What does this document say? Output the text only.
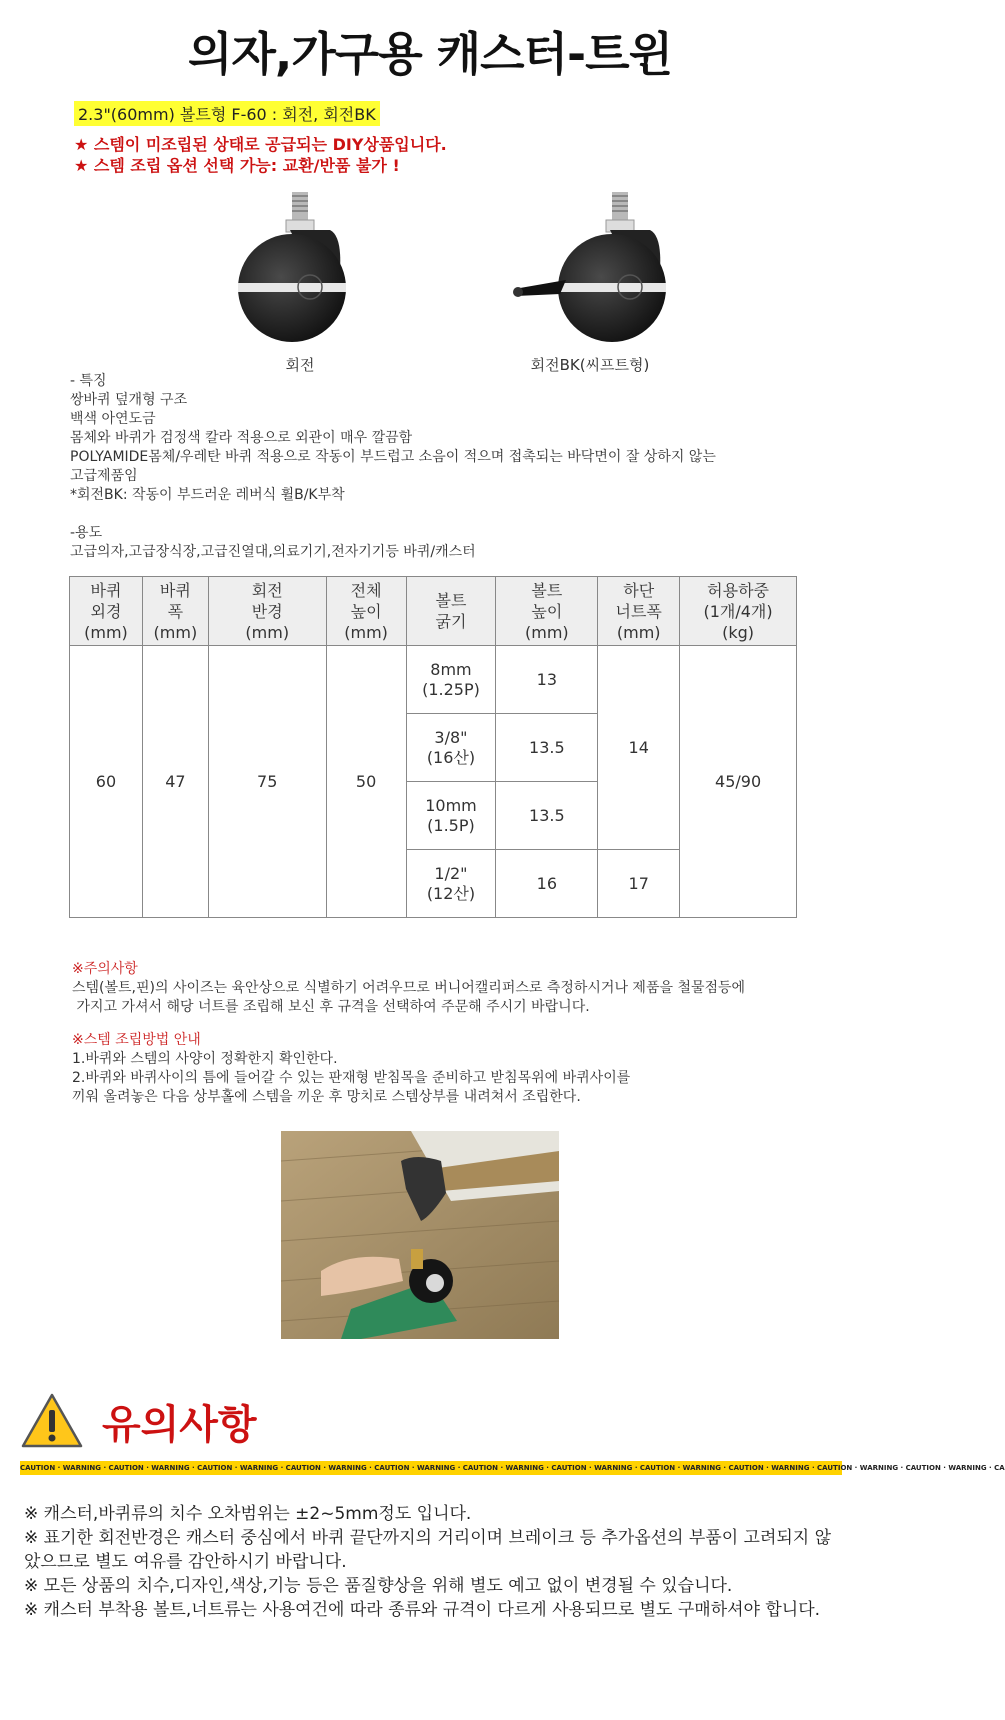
의자,가구용 캐스터-트윈
2.3"(60mm) 볼트형 F-60 : 회전, 회전BK
★ 스템이 미조립된 상태로 공급되는 DIY상품입니다.
★ 스템 조립 옵션 선택 가능: 교환/반품 불가 !
회전	회전BK(씨프트형)
- 특징
쌍바퀴 덮개형 구조
백색 아연도금
몸체와 바퀴가 검정색 칼라 적용으로 외관이 매우 깔끔함
POLYAMIDE몸체/우레탄 바퀴 적용으로 작동이 부드럽고 소음이 적으며 접촉되는 바닥면이 잘 상하지 않는
고급제품임
*회전BK: 작동이 부드러운 레버식 휠B/K부착
-용도
고급의자,고급장식장,고급진열대,의료기기,전자기기등 바퀴/캐스터
바퀴
외경
(mm)	바퀴
폭
(mm)	회전
반경
(mm)	전체
높이
(mm)	볼트
굵기	볼트
높이
(mm)	하단
너트폭
(mm)	허용하중
(1개/4개)
(kg)
60	47	75	50	8mm
(1.25P)	13	14	45/90
				3/8"
(16산)	13.5		
				10mm
(1.5P)	13.5		
				1/2"
(12산)	16	17	
※주의사항
스템(볼트,핀)의 사이즈는 육안상으로 식별하기 어려우므로 버니어캘리퍼스로 측정하시거나 제품을 철물점등에
가지고 가셔서 해당 너트를 조립해 보신 후 규격을 선택하여 주문해 주시기 바랍니다.
※스템 조립방법 안내
1.바퀴와 스템의 사양이 정확한지 확인한다.
2.바퀴와 바퀴사이의 틈에 들어갈 수 있는 판재형 받침목을 준비하고 받침목위에 바퀴사이를
끼워 올려놓은 다음 상부홀에 스템을 끼운 후 망치로 스템상부를 내려쳐서 조립한다.
유의사항
CAUTION · WARNING · CAUTION · WARNING · CAUTION · WARNING · CAUTION · WARNING · CAUTION · WARNING · CAUTION · WARNING · CAUTION · WARNING · CAUTION · WARNING · CAUTION · WARNING · CAUTION · WARNING · CAUTION · WARNING · CA
※ 캐스터,바퀴류의 치수 오차범위는 ±2~5mm정도 입니다.
※ 표기한 회전반경은 캐스터 중심에서 바퀴 끝단까지의 거리이며 브레이크 등 추가옵션의 부품이 고려되지 않았으므로 별도 여유를 감안하시기 바랍니다.
※ 모든 상품의 치수,디자인,색상,기능 등은 품질향상을 위해 별도 예고 없이 변경될 수 있습니다.
※ 캐스터 부착용 볼트,너트류는 사용여건에 따라 종류와 규격이 다르게 사용되므로 별도 구매하셔야 합니다.
